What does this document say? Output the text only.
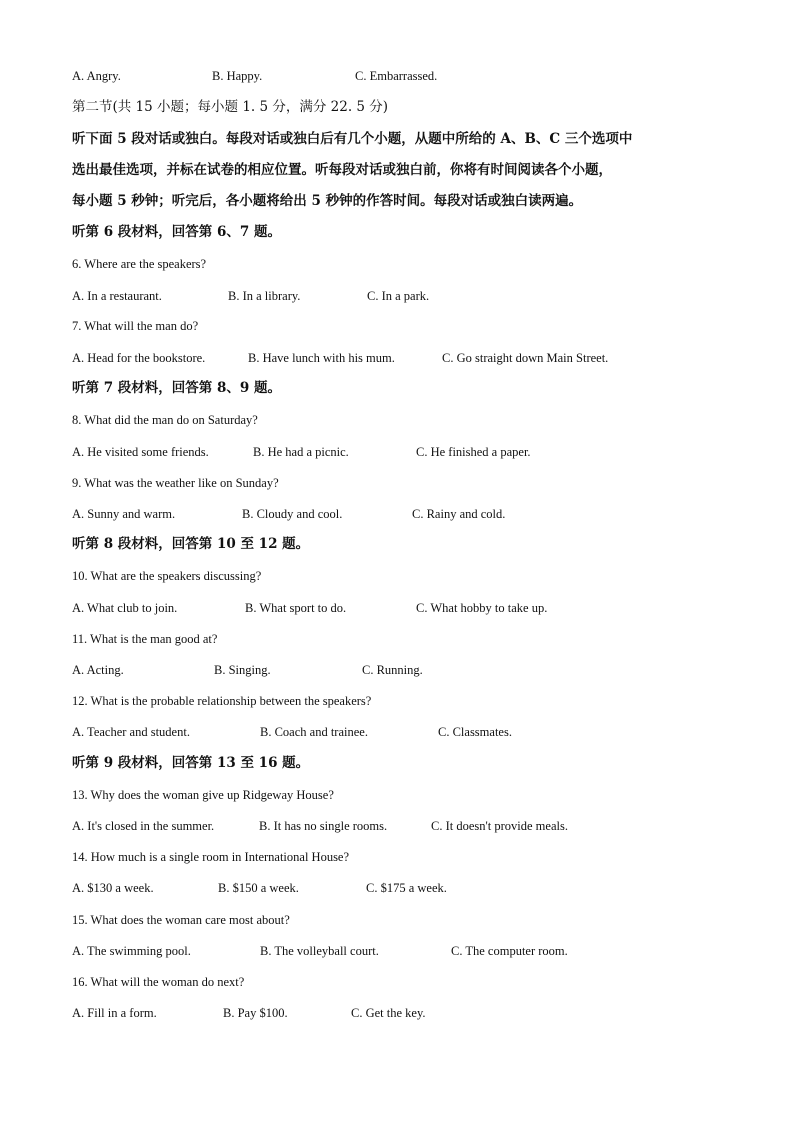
A. Angry.	B. Happy.	C. Embarrassed.
第二节(共 15 小题；每小题 1. 5 分，满分 22. 5 分)
听下面 5 段对话或独白。每段对话或独白后有几个小题，从题中所给的 A、B、C 三个选项中
选出最佳选项，并标在试卷的相应位置。听每段对话或独白前，你将有时间阅读各个小题，
每小题 5 秒钟；听完后，各小题将给出 5 秒钟的作答时间。每段对话或独白读两遍。
听第 6 段材料，回答第 6、7 题。
6. Where are the speakers?
A. In a restaurant.	B. In a library.	C. In a park.
7. What will the man do?
A. Head for the bookstore.	B. Have lunch with his mum.	C. Go straight down Main Street.
听第 7 段材料，回答第 8、9 题。
8. What did the man do on Saturday?
A. He visited some friends.	B. He had a picnic.	C. He finished a paper.
9. What was the weather like on Sunday?
A. Sunny and warm.	B. Cloudy and cool.	C. Rainy and cold.
听第 8 段材料，回答第 10 至 12 题。
10. What are the speakers discussing?
A. What club to join.	B. What sport to do.	C. What hobby to take up.
11. What is the man good at?
A. Acting.	B. Singing.	C. Running.
12. What is the probable relationship between the speakers?
A. Teacher and student.	B. Coach and trainee.	C. Classmates.
听第 9 段材料，回答第 13 至 16 题。
13. Why does the woman give up Ridgeway House?
A. It's closed in the summer.	B. It has no single rooms.	C. It doesn't provide meals.
14. How much is a single room in International House?
A. $130 a week.	B. $150 a week.	C. $175 a week.
15. What does the woman care most about?
A. The swimming pool.	B. The volleyball court.	C. The computer room.
16. What will the woman do next?
A. Fill in a form.	B. Pay $100.	C. Get the key.
